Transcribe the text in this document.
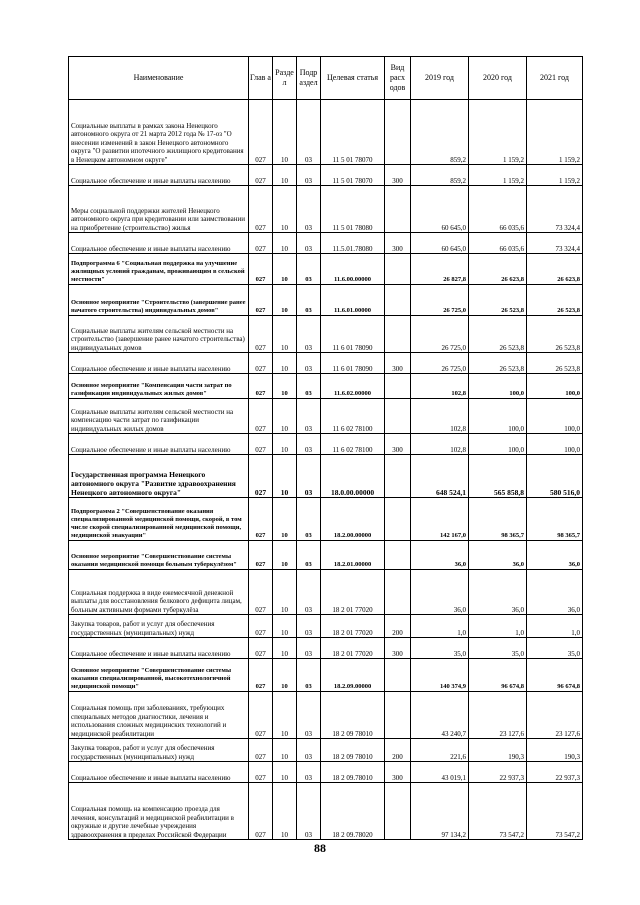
Наименование	Глав а	Разде л	Подр аздел	Целевая статья	Вид расх одов	2019 год	2020 год	2021 год
Социальные выплаты в рамках закона Ненецкого автономного округа от 21 марта 2012 года № 17-оз "О внесении изменений в закон Ненецкого автономного округа "О развитии ипотечного жилищного кредитования в Ненецком автономном округе"	027	10	03	11 5 01 78070		859,2	1 159,2	1 159,2
Социальное обеспечение и иные выплаты населению	027	10	03	11 5 01 78070	300	859,2	1 159,2	1 159,2
Меры социальной поддержки жителей Ненецкого автономного округа при кредитовании или заимствовании на приобретение (строительство) жилья	027	10	03	11 5 01 78080		60 645,0	66 035,6	73 324,4
Социальное обеспечение и иные выплаты населению	027	10	03	11.5.01.78080	300	60 645,0	66 035,6	73 324,4
Подпрограмма 6 "Социальная поддержка на улучшение жилищных условий гражданам, проживающим в сельской местности"	027	10	03	11.6.00.00000		26 827,8	26 623,8	26 623,8
Основное мероприятие "Строительство (завершение ранее начатого строительства) индивидуальных домов"	027	10	03	11.6.01.00000		26 725,0	26 523,8	26 523,8
Социальные выплаты жителям сельской местности на строительство (завершение ранее начатого строительства) индивидуальных домов	027	10	03	11 6 01 78090		26 725,0	26 523,8	26 523,8
Социальное обеспечение и иные выплаты населению	027	10	03	11 6 01 78090	300	26 725,0	26 523,8	26 523,8
Основное мероприятие "Компенсация части затрат по газификации индивидуальных жилых домов"	027	10	03	11.6.02.00000		102,8	100,0	100,0
Социальные выплаты жителям сельской местности на компенсацию части затрат по газификации индивидуальных жилых домов	027	10	03	11 6 02 78100		102,8	100,0	100,0
Социальное обеспечение и иные выплаты населению	027	10	03	11 6 02 78100	300	102,8	100,0	100,0
Государственная программа Ненецкого автономного округа "Развитие здравоохранения Ненецкого автономного округа"	027	10	03	18.0.00.00000		648 524,1	565 858,8	580 516,0
Подпрограмма 2 "Совершенствование оказания специализированной медицинской помощи, скорой, в том числе скорой специализированной медицинской помощи, медицинской эвакуации"	027	10	03	18.2.00.00000		142 167,0	98 365,7	98 365,7
Основное мероприятие "Совершенствование системы оказания медицинской помощи больным туберкулёзом"	027	10	03	18.2.01.00000		36,0	36,0	36,0
Социальная поддержка в виде ежемесячной денежной выплаты для восстановления белкового дефицита лицам, больным активными формами туберкулёза	027	10	03	18 2 01 77020		36,0	36,0	36,0
Закупка товаров, работ и услуг для обеспечения государственных (муниципальных) нужд	027	10	03	18 2 01 77020	200	1,0	1,0	1,0
Социальное обеспечение и иные выплаты населению	027	10	03	18 2 01 77020	300	35,0	35,0	35,0
Основное мероприятие "Совершенствование системы оказания специализированной, высокотехнологичной медицинской помощи"	027	10	03	18.2.09.00000		140 374,9	96 674,8	96 674,8
Социальная помощь при заболеваниях, требующих специальных методов диагностики, лечения и использования сложных медицинских технологий и медицинской реабилитации	027	10	03	18 2 09 78010		43 240,7	23 127,6	23 127,6
Закупка товаров, работ и услуг для обеспечения государственных (муниципальных) нужд	027	10	03	18 2 09 78010	200	221,6	190,3	190,3
Социальное обеспечение и иные выплаты населению	027	10	03	18 2 09.78010	300	43 019,1	22 937,3	22 937,3
Социальная помощь на компенсацию проезда для лечения, консультаций и медицинской реабилитации в окружные и другие лечебные учреждения здравоохранения в пределах Российской Федерации	027	10	03	18 2 09.78020		97 134,2	73 547,2	73 547,2
88
